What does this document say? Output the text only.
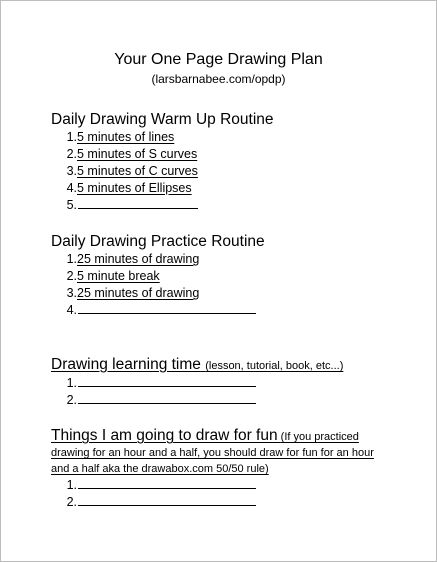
Your One Page Drawing Plan
(larsbarnabee.com/opdp)
Daily Drawing Warm Up Routine
1.5 minutes of lines
2.5 minutes of S curves
3.5 minutes of C curves
4.5 minutes of Ellipses
5.
Daily Drawing Practice Routine
1.25 minutes of drawing
2.5 minute break
3.25 minutes of drawing
4.
Drawing learning time (lesson, tutorial, book, etc...)
1.
2.
Things I am going to draw for fun (If you practiced drawing for an hour and a half, you should draw for fun for an hour and a half aka the drawabox.com 50/50 rule)
1.
2.
